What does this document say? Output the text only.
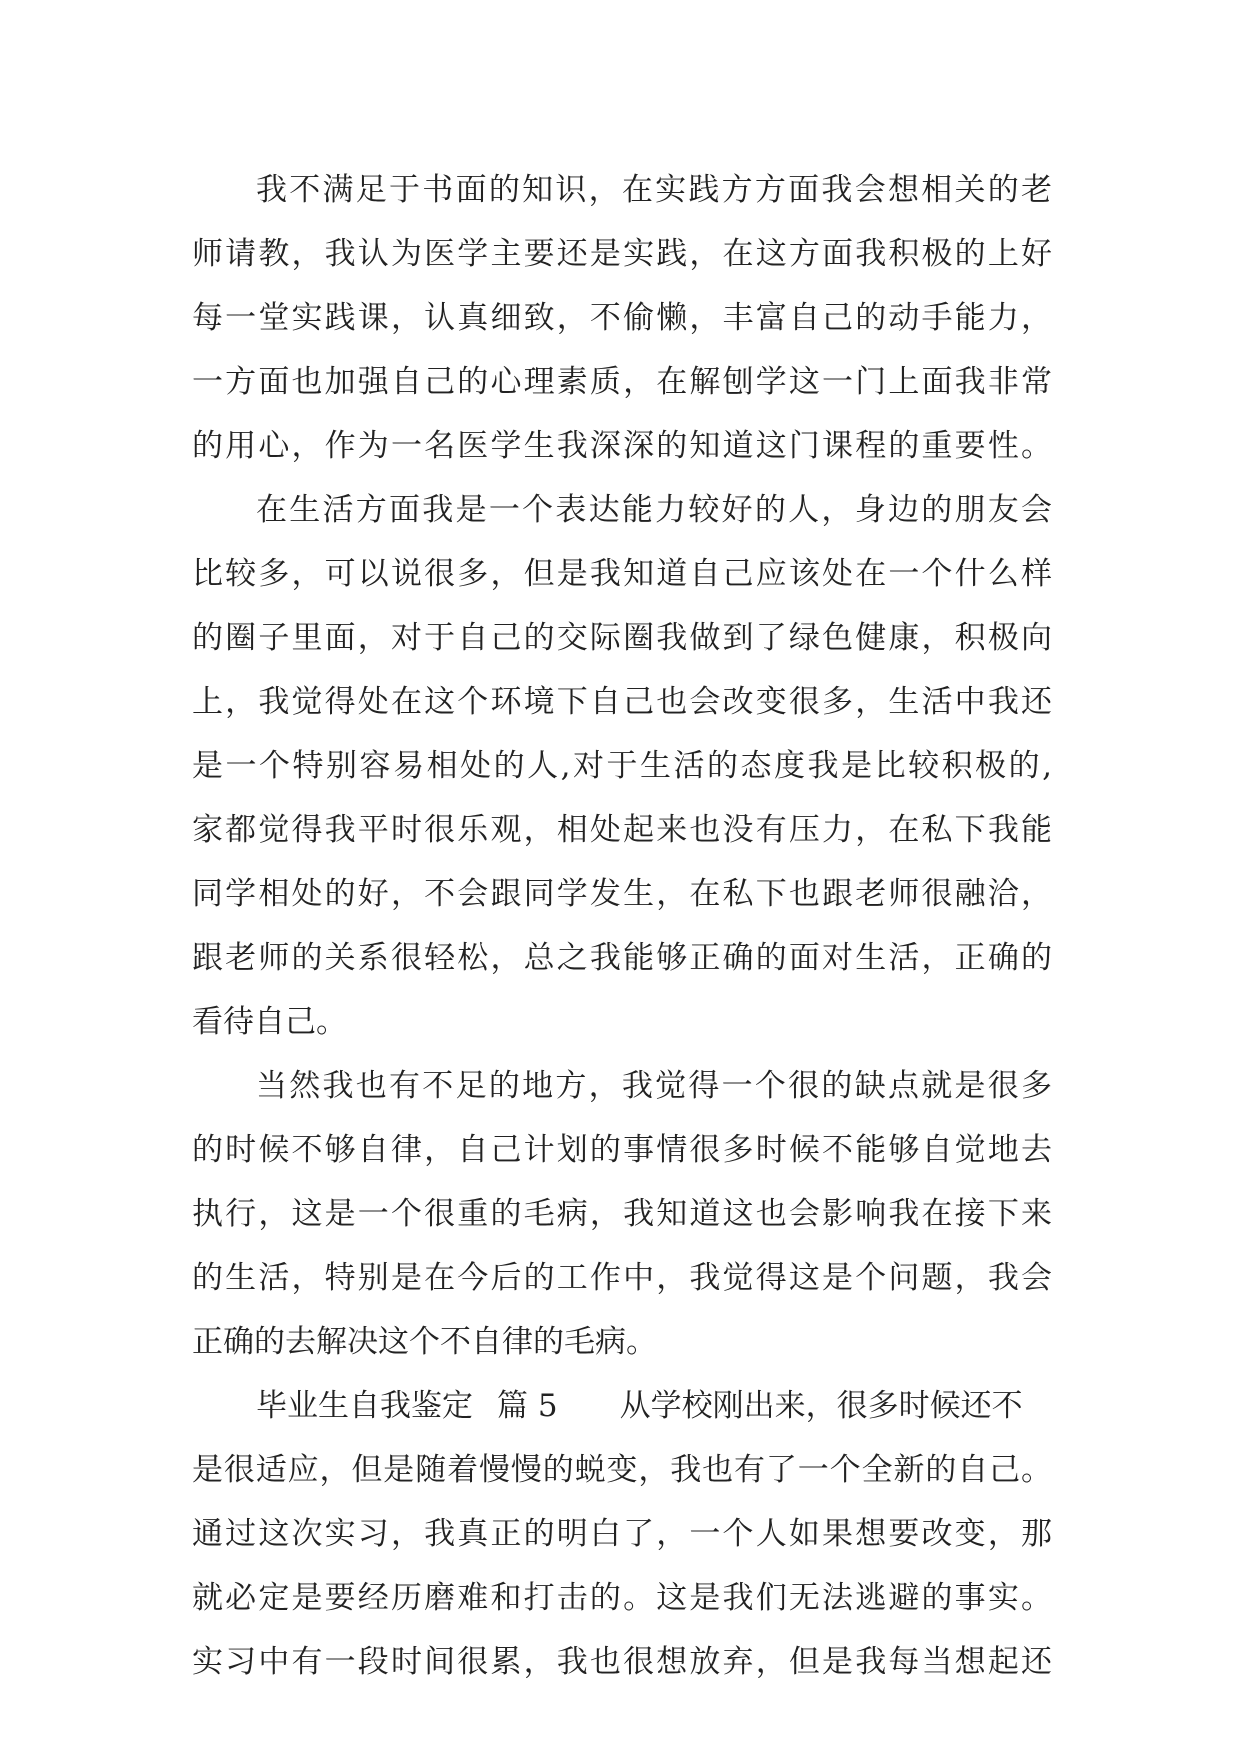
我不满足于书面的知识，在实践方方面我会想相关的老
师请教，我认为医学主要还是实践，在这方面我积极的上好
每一堂实践课，认真细致，不偷懒，丰富自己的动手能力，
一方面也加强自己的心理素质，在解刨学这一门上面我非常
的用心，作为一名医学生我深深的知道这门课程的重要性。
在生活方面我是一个表达能力较好的人，身边的朋友会
比较多，可以说很多，但是我知道自己应该处在一个什么样
的圈子里面，对于自己的交际圈我做到了绿色健康，积极向
上，我觉得处在这个环境下自己也会改变很多，生活中我还
是一个特别容易相处的人,对于生活的态度我是比较积极的,
家都觉得我平时很乐观，相处起来也没有压力，在私下我能
同学相处的好，不会跟同学发生，在私下也跟老师很融洽，
跟老师的关系很轻松，总之我能够正确的面对生活，正确的
看待自己。
当然我也有不足的地方，我觉得一个很的缺点就是很多
的时候不够自律，自己计划的事情很多时候不能够自觉地去
执行，这是一个很重的毛病，我知道这也会影响我在接下来
的生活，特别是在今后的工作中，我觉得这是个问题，我会
正确的去解决这个不自律的毛病。
毕业生自我鉴定 篇 5 从学校刚出来，很多时候还不
是很适应，但是随着慢慢的蜕变，我也有了一个全新的自己。
通过这次实习，我真正的明白了，一个人如果想要改变，那
就必定是要经历磨难和打击的。这是我们无法逃避的事实。
实习中有一段时间很累，我也很想放弃，但是我每当想起还
